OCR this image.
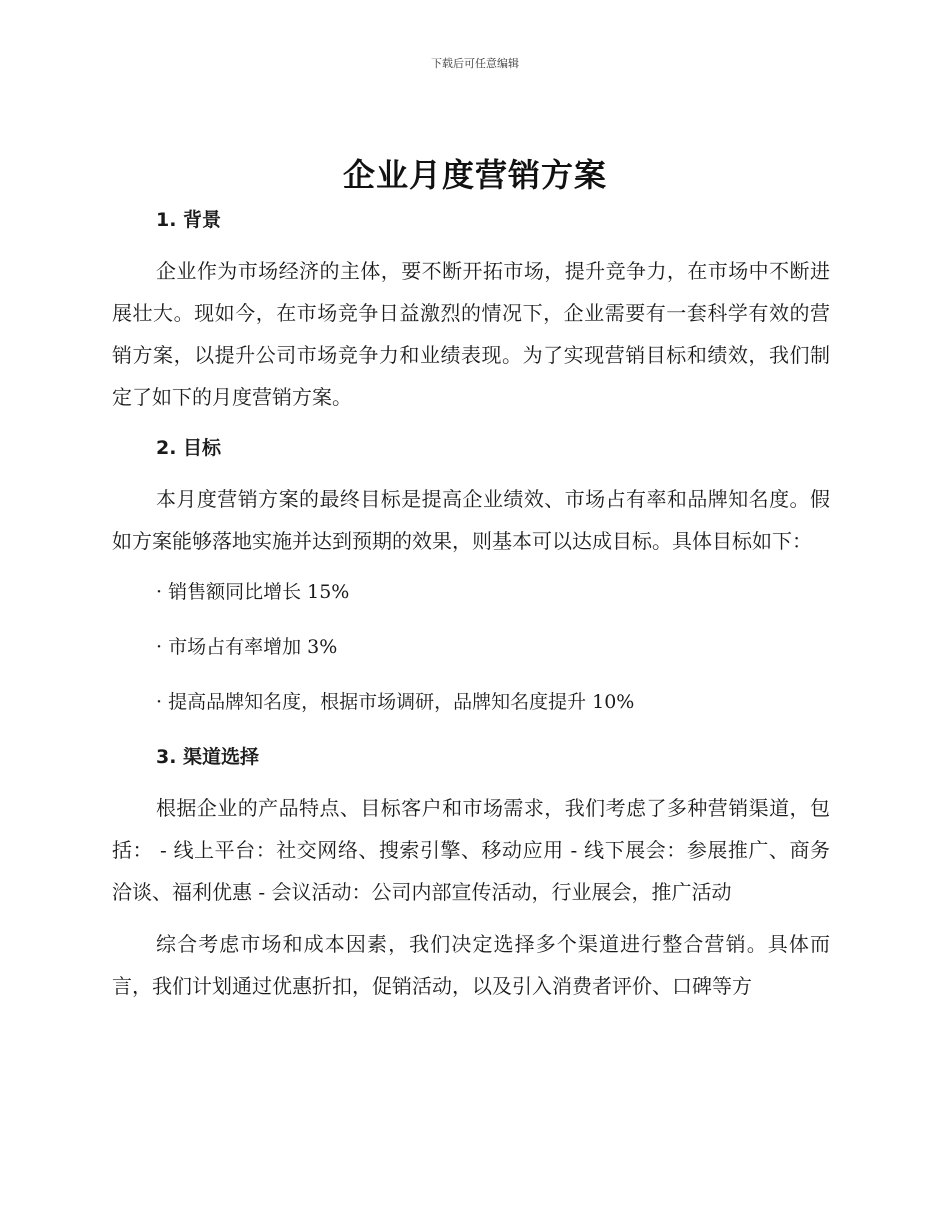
下载后可任意编辑
企业月度营销方案
1. 背景

企业作为市场经济的主体，要不断开拓市场，提升竞争力，在市场中不断进展壮大。现如今，在市场竞争日益激烈的情况下，企业需要有一套科学有效的营销方案，以提升公司市场竞争力和业绩表现。为了实现营销目标和绩效，我们制定了如下的月度营销方案。

2. 目标

本月度营销方案的最终目标是提高企业绩效、市场占有率和品牌知名度。假如方案能够落地实施并达到预期的效果，则基本可以达成目标。具体目标如下：

· 销售额同比增长 15%

· 市场占有率增加 3%

· 提高品牌知名度，根据市场调研，品牌知名度提升 10%

3. 渠道选择

根据企业的产品特点、目标客户和市场需求，我们考虑了多种营销渠道，包括： - 线上平台：社交网络、搜索引擎、移动应用 - 线下展会：参展推广、商务洽谈、福利优惠 - 会议活动：公司内部宣传活动，行业展会，推广活动

综合考虑市场和成本因素，我们决定选择多个渠道进行整合营销。具体而言，我们计划通过优惠折扣，促销活动，以及引入消费者评价、口碑等方
